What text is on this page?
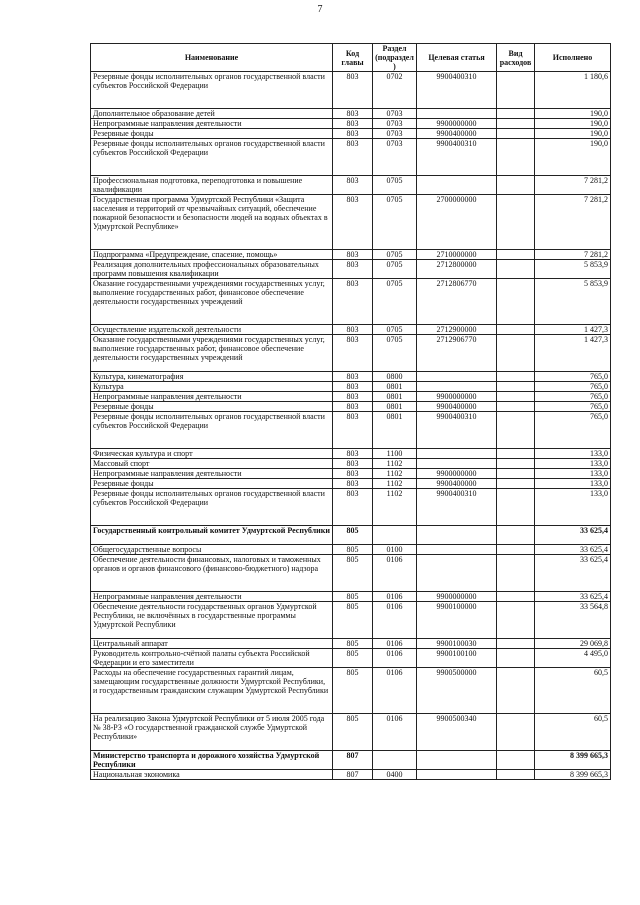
7
Наименование	Код главы	Раздел (подраздел)	Целевая статья	Вид расходов	Исполнено
Резервные фонды исполнительных органов государственной власти субъектов Российской Федерации	803	0702	9900400310		1 180,6
Дополнительное образование детей	803	0703			190,0
Непрограммные направления деятельности	803	0703	9900000000		190,0
Резервные фонды	803	0703	9900400000		190,0
Резервные фонды исполнительных органов государственной власти субъектов Российской Федерации	803	0703	9900400310		190,0
Профессиональная подготовка, переподготовка и повышение квалификации	803	0705			7 281,2
Государственная программа Удмуртской Республики «Защита населения и территорий от чрезвычайных ситуаций, обеспечение пожарной безопасности и безопасности людей на водных объектах в Удмуртской Республике»	803	0705	2700000000		7 281,2
Подпрограмма «Предупреждение, спасение, помощь»	803	0705	2710000000		7 281,2
Реализация дополнительных профессиональных образовательных программ повышения квалификации	803	0705	2712800000		5 853,9
Оказание государственными учреждениями государственных услуг, выполнение государственных работ, финансовое обеспечение деятельности государственных учреждений	803	0705	2712806770		5 853,9
Осуществление издательской деятельности	803	0705	2712900000		1 427,3
Оказание государственными учреждениями государственных услуг, выполнение государственных работ, финансовое обеспечение деятельности государственных учреждений	803	0705	2712906770		1 427,3
Культура, кинематография	803	0800			765,0
Культура	803	0801			765,0
Непрограммные направления деятельности	803	0801	9900000000		765,0
Резервные фонды	803	0801	9900400000		765,0
Резервные фонды исполнительных органов государственной власти субъектов Российской Федерации	803	0801	9900400310		765,0
Физическая культура и спорт	803	1100			133,0
Массовый спорт	803	1102			133,0
Непрограммные направления деятельности	803	1102	9900000000		133,0
Резервные фонды	803	1102	9900400000		133,0
Резервные фонды исполнительных органов государственной власти субъектов Российской Федерации	803	1102	9900400310		133,0
Государственный контрольный комитет Удмуртской Республики	805				33 625,4
Общегосударственные вопросы	805	0100			33 625,4
Обеспечение деятельности финансовых, налоговых и таможенных органов и органов финансового (финансово-бюджетного) надзора	805	0106			33 625,4
Непрограммные направления деятельности	805	0106	9900000000		33 625,4
Обеспечение деятельности государственных органов Удмуртской Республики, не включённых в государственные программы Удмуртской Республики	805	0106	9900100000		33 564,8
Центральный аппарат	805	0106	9900100030		29 069,8
Руководитель контрольно-счётной палаты субъекта Российской Федерации и его заместители	805	0106	9900100100		4 495,0
Расходы на обеспечение государственных гарантий лицам, замещающим государственные должности Удмуртской Республики, и государственным гражданским служащим Удмуртской Республики	805	0106	9900500000		60,5
На реализацию Закона Удмуртской Республики от 5 июля 2005 года № 38-РЗ «О государственной гражданской службе Удмуртской Республики»	805	0106	9900500340		60,5
Министерство транспорта и дорожного хозяйства Удмуртской Республики	807				8 399 665,3
Национальная экономика	807	0400			8 399 665,3
